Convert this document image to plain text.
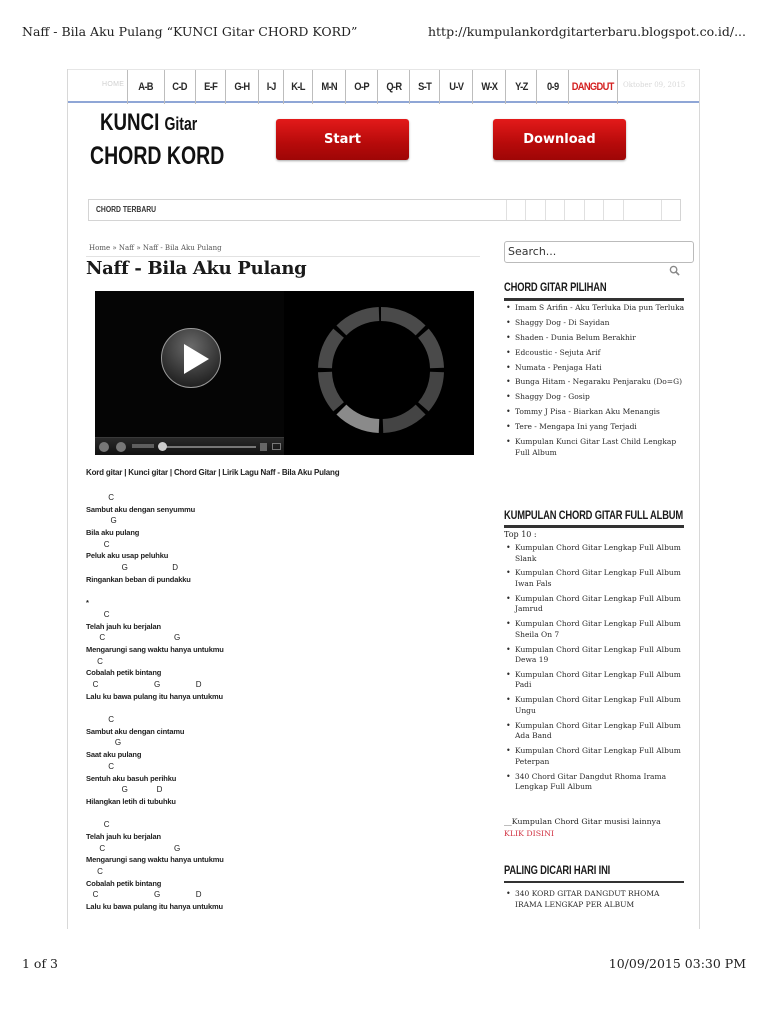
Naff - Bila Aku Pulang “KUNCI Gitar CHORD KORD”	http://kumpulankordgitarterbaru.blogspot.co.id/...
HOME	Oktober 09, 2015
A-B C-D E-F G-H I-J K-L M-N O-P Q-R S-T U-V W-X Y-Z 0-9 DANGDUT
KUNCI Gitar
CHORD KORD
Start	Download
CHORD TERBARU
Home » Naff » Naff - Bila Aku Pulang
Naff - Bila Aku Pulang
Kord gitar | Kunci gitar | Chord Gitar | Lirik Lagu Naff - Bila Aku Pulang
C
Sambut aku dengan senyummu
G
Bila aku pulang
C
Peluk aku usap peluhku
G                    D
Ringankan beban di pundakku
*
C
Telah jauh ku berjalan
C                               G
Mengarungi sang waktu hanya untukmu
C
Cobalah petik bintang
C                         G                D
Lalu ku bawa pulang itu hanya untukmu
C
Sambut aku dengan cintamu
G
Saat aku pulang
C
Sentuh aku basuh perihku
G             D
Hilangkan letih di tubuhku
C
Telah jauh ku berjalan
C                               G
Mengarungi sang waktu hanya untukmu
C
Cobalah petik bintang
C                         G                D
Lalu ku bawa pulang itu hanya untukmu
Search...
CHORD GITAR PILIHAN
• Imam S Arifin - Aku Terluka Dia pun Terluka
• Shaggy Dog - Di Sayidan
• Shaden - Dunia Belum Berakhir
• Edcoustic - Sejuta Arif
• Numata - Penjaga Hati
• Bunga Hitam - Negaraku Penjaraku (Do=G)
• Shaggy Dog - Gosip
• Tommy J Pisa - Biarkan Aku Menangis
• Tere - Mengapa Ini yang Terjadi
• Kumpulan Kunci Gitar Last Child Lengkap Full Album
KUMPULAN CHORD GITAR FULL ALBUM
Top 10 :
• Kumpulan Chord Gitar Lengkap Full Album Slank
• Kumpulan Chord Gitar Lengkap Full Album Iwan Fals
• Kumpulan Chord Gitar Lengkap Full Album Jamrud
• Kumpulan Chord Gitar Lengkap Full Album Sheila On 7
• Kumpulan Chord Gitar Lengkap Full Album Dewa 19
• Kumpulan Chord Gitar Lengkap Full Album Padi
• Kumpulan Chord Gitar Lengkap Full Album Ungu
• Kumpulan Chord Gitar Lengkap Full Album Ada Band
• Kumpulan Chord Gitar Lengkap Full Album Peterpan
• 340 Chord Gitar Dangdut Rhoma Irama Lengkap Full Album
__Kumpulan Chord Gitar musisi lainnya
KLIK DISINI
PALING DICARI HARI INI
• 340 KORD GITAR DANGDUT RHOMA IRAMA LENGKAP PER ALBUM
1 of 3	10/09/2015 03:30 PM
